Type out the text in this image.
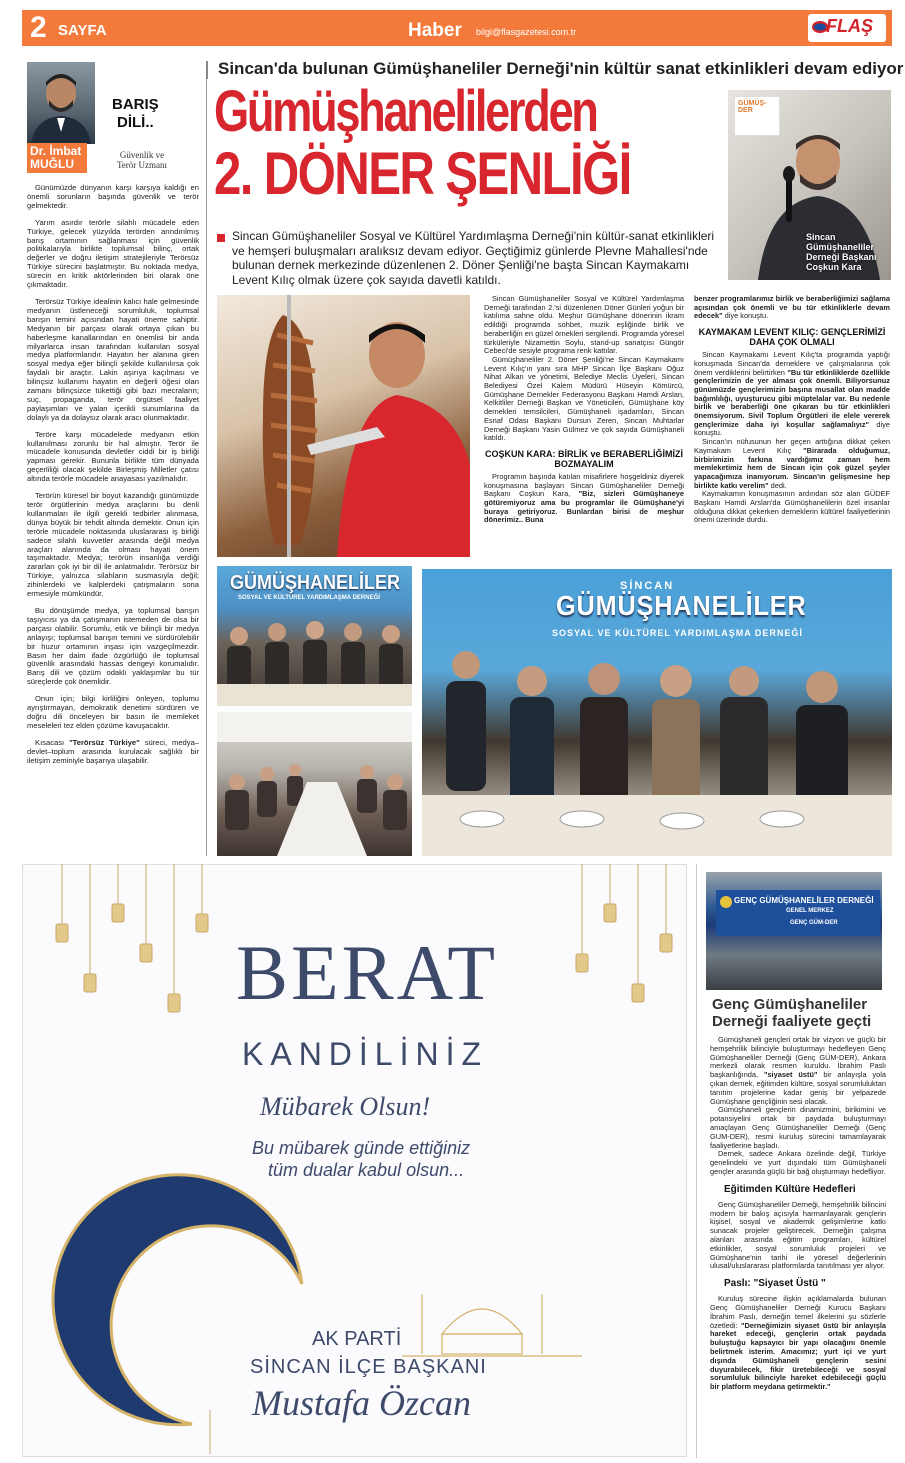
2 SAYFA	Haber bilgi@flasgazetesi.com.tr	FLAŞ
BARIŞ
DİLİ..
Dr. İmbat
MUĞLU
Güvenlik ve
Terör Uzmanı

Günümüzde dünyanın karşı karşıya kaldığı en önemli sorunların başında güvenlik ve terör gelmektedir.

Yarım asırdır terörle silahlı mücadele eden Türkiye, gelecek yüzyılda terörden arındırılmış barış ortamının sağlanması için güvenlik politikalarıyla birlikte toplumsal bilinç, ortak değerler ve doğru iletişim stratejileriyle Terörsüz Türkiye sürecini başlatmıştır. Bu noktada medya, sürecin en kritik aktörlerinden biri olarak öne çıkmaktadır.

Terörsüz Türkiye idealinin kalıcı hale gelmesinde medyanın üstleneceği sorumluluk, toplumsal barışın temini açısından hayati öneme sahiptir. Medyanın bir parçası olarak ortaya çıkan bu haberleşme kanallarından en önemlisi bir anda milyarlarca insan tarafından kullanılan sosyal medya platformlarıdır. Hayatın her alanına giren sosyal medya eğer bilinçli şekilde kullanılırsa çok faydalı bir araçtır. Lakin aşırıya kaçılması ve bilinçsiz kullanımı hayatın en değerli öğesi olan zamanı bilinçsizce tükettiği gibi bazı mecraların; suç, propaganda, terör örgütsel faaliyet paylaşımları ve yalan içerikli sunumlarına da dolaylı ya da dolaysız olarak aracı olunmaktadır.

Teröre karşı mücadelede medyanın etkin kullanılması zorunlu bir hal almıştır. Terör ile mücadele konusunda devletler ciddi bir iş birliği yapması gerekir. Bununla birlikte tüm dünyada geçerliliği olacak şekilde Birleşmiş Milletler çatısı altında terörle mücadele anayasası yazılmalıdır.

Terörün küresel bir boyut kazandığı günümüzde terör örgütlerinin medya araçlarını bu denli kullanmaları ile ilgili gerekli tedbirler alınmasa, dünya büyük bir tehdit altında demektir. Onun için terörle mücadele noktasında uluslararası iş birliği sadece silahlı kuvvetler arasında değil medya araçları alanında da olması hayati önem taşımaktadır. Medya; terörün insanlığa verdiği zararları çok iyi bir dil ile anlatmalıdır. Terörsüz bir Türkiye, yalnızca silahların susmasıyla değil; zihinlerdeki ve kalplerdeki çatışmaların sona ermesiyle mümkündür.

Bu dönüşümde medya, ya toplumsal barışın taşıyıcısı ya da çatışmanın istemeden de olsa bir parçası olabilir. Sorumlu, etik ve bilinçli bir medya anlayışı; toplumsal barışın temini ve sürdürülebilir bir huzur ortamının inşası için vazgeçilmezdir. Basın her daim ifade özgürlüğü ile toplumsal güvenlik arasındaki hassas dengeyi korumalıdır. Barış dili ve çözüm odaklı yaklaşımlar bu tür süreçlerde çok önemlidir.

Onun için; bilgi kirliliğini önleyen, toplumu ayrıştırmayan, demokratik denetimi sürdüren ve doğru dili önceleyen bir basın ile memleket meseleleri tez elden çözüme kavuşacaktır.

Kısacası "Terörsüz Türkiye" süreci, medya–devlet–toplum arasında kurulacak sağlıklı bir iletişim zeminiyle başarıya ulaşabilir.

Sincan'da bulunan Gümüşhaneliler Derneği'nin kültür sanat etkinlikleri devam ediyor
Gümüşhanelilerden
2. DÖNER ŞENLİĞİ
GÜMÜŞ-DER
Sincan
Gümüşhaneliler
Derneği Başkanı
Coşkun Kara
Sincan Gümüşhaneliler Sosyal ve Kültürel Yardımlaşma Derneği'nin kültür-sanat etkinlikleri ve hemşeri buluşmaları aralıksız devam ediyor. Geçtiğimiz günlerde Plevne Mahallesi'nde bulunan dernek merkezinde düzenlenen 2. Döner Şenliği'ne başta Sincan Kaymakamı Levent Kılıç olmak üzere çok sayıda davetli katıldı.
Sincan Gümüşhaneliler Sosyal ve Kültürel Yardımlaşma Derneği tarafından 2.'si düzenlenen Döner Günleri yoğun bir katılıma sahne oldu. Meşhur Gümüşhane dönerinin ikram edildiği programda sohbet, muzik eşliğinde birlik ve beraberliğin en güzel örnekleri sergilendi. Programda yöresel türküleriyle Nizamettin Soylu, stand-up sanatçısı Güngör Cebeci'de sesiyle programa renk kattılar.
Gümüşhaneliler 2. Döner Şenliği'ne Sincan Kaymakamı Levent Kılıç'ın yanı sıra MHP Sincan İlçe Başkanı Oğuz Nihat Alkan ve yönetimi, Belediye Meclis Üyeleri, Sincan Belediyesi Özel Kalem Müdürü Hüseyin Kömürcü, Gümüşhane Dernekler Federasyonu Başkanı Hamdi Arslan, Kelkitliler Derneği Başkan ve Yöneticileri, Gümüşhane köy dernekleri temsilcileri, Gümüşhaneli işadamları, Sincan Esnaf Odası Başkanı Dursun Zeren, Sincan Muhtarlar Derneği Başkanı Yasin Gülmez ve çok sayıda Gümüşhaneli katıldı.
COŞKUN KARA: BİRLİK ve BERABERLİĞİMİZİ BOZMAYALIM
Programın başında katılan misafirlere hoşgeldiniz diyerek konuşmasına başlayan Sincan Gümüşhaneliler Derneği Başkanı Coşkun Kara, "Biz, sizleri Gümüşhaneye götüremiyoruz ama bu programlar ile Gümüşhane'yi buraya getiriyoruz. Bunlardan birisi de meşhur dönerimiz.. Buna
benzer programlarımız birlik ve beraberliğimizi sağlama açısından çok önemli ve bu tür etkinliklerle devam edecek" diye konuştu.
KAYMAKAM LEVENT KILIÇ: GENÇLERİMİZİ DAHA ÇOK OLMALI
Sincan Kaymakamı Levent Kılıç'ta programda yaptığı konuşmada Sincan'da derneklere ve çalışmalarına çok önem verdiklerini belirtirken "Bu tür etkinliklerde özellikle gençlerimizin de yer alması çok önemli. Biliyorsunuz günümüzde gençlerimizin başına musallat olan madde bağımlılığı, uyuşturucu gibi müptelalar var. Bu nedenle birlik ve beraberliği öne çıkaran bu tür etkinlikleri önemsiyorum. Sivil Toplum Örgütleri ile elele vererek gençlerimize daha iyi koşullar sağlamalıyız" diye konuştu.
Sincan'ın nüfusunun her geçen arttığına dikkat çeken Kaymakam Levent Kılıç "Birarada olduğumuz, birbirimizin farkına vardığımız zaman hem memleketimiz hem de Sincan için çok güzel şeyler yapacağımıza inanıyorum. Sincan'ın gelişmesine hep birlikte katkı verelim" dedi.
Kaymakamın konuşmasının ardından söz alan GÜDEF Başkanı Hamdi Arslan'da Gümüşhanelilerin özel insanlar olduğuna dikkat çekerken derneklerin kültürel faaliyetlerinin önemi üzerinde durdu.
GÜMÜŞHANELİLER
SOSYAL VE KÜLTÜREL YARDIMLAŞMA DERNEĞİ
SİNCAN
GÜMÜŞHANELİLER
SOSYAL VE KÜLTÜREL YARDIMLAŞMA DERNEĞİ
BERAT
KANDİLİNİZ
Mübarek Olsun!
Bu mübarek günde ettiğiniz
tüm dualar kabul olsun...
AK PARTİ
SİNCAN İLÇE BAŞKANI
Mustafa Özcan
GENÇ GÜMÜŞHANELİLER DERNEĞİ
GENEL MERKEZ
GENÇ GÜM-DER
Genç Gümüşhaneliler Derneği faaliyete geçti
Gümüşhaneli gençleri ortak bir vizyon ve güçlü bir hemşehrilik bilinciyle buluşturmayı hedefleyen Genç Gümüşhaneliler Derneği (Genç GÜM-DER), Ankara merkezli olarak resmen kuruldu. İbrahim Paslı başkanlığında, "siyaset üstü" bir anlayışla yola çıkan dernek, eğitimden kültüre, sosyal sorumluluktan tanıtım projelerine kadar geniş bir yelpazede Gümüşhane gençliğinin sesi olacak.
Gümüşhaneli gençlerin dinamizmini, birikimini ve potansiyelini ortak bir paydada buluşturmayı amaçlayan Genç Gümüşhaneliler Derneği (Genç GUM-DER), resmi kuruluş sürecini tamamlayarak faaliyetlerine başladı.
Dernek, sadece Ankara özelinde değil, Türkiye genelindeki ve yurt dışındaki tüm Gümüşhaneli gençler arasında güçlü bir bağ oluşturmayı hedefliyor.
Eğitimden Kültüre Hedefleri
Genç Gümüşhaneliler Derneği, hemşehrilik bilincini modern bir bakış açısıyla harmanlayarak gençlerin kişisel, sosyal ve akademik gelişimlerine katkı sunacak projeler geliştirecek. Derneğin çalışma alanları arasında eğitim programları, kültürel etkinlikler, sosyal sorumluluk projeleri ve Gümüşhane'nin tarihi ile yöresel değerlerinin ulusal/uluslararası platformlarda tanıtılması yer alıyor.
Paslı: "Siyaset Üstü "
Kuruluş sürecine ilişkin açıklamalarda bulunan Genç Gümüşhaneliler Derneği Kurucu Başkanı İbrahim Paslı, derneğin temel ilkelerini şu sözlerle özetledi: "Derneğimizin siyaset üstü bir anlayışla hareket edeceği, gençlerin ortak paydada buluştuğu kapsayıcı bir yapı olacağını önemle belirtmek isterim. Amacımız; yurt içi ve yurt dışında Gümüşhaneli gençlerin sesini duyurabilecek, fikir üretebileceği ve sosyal sorumluluk bilinciyle hareket edebileceği güçlü bir platform meydana getirmektir."
